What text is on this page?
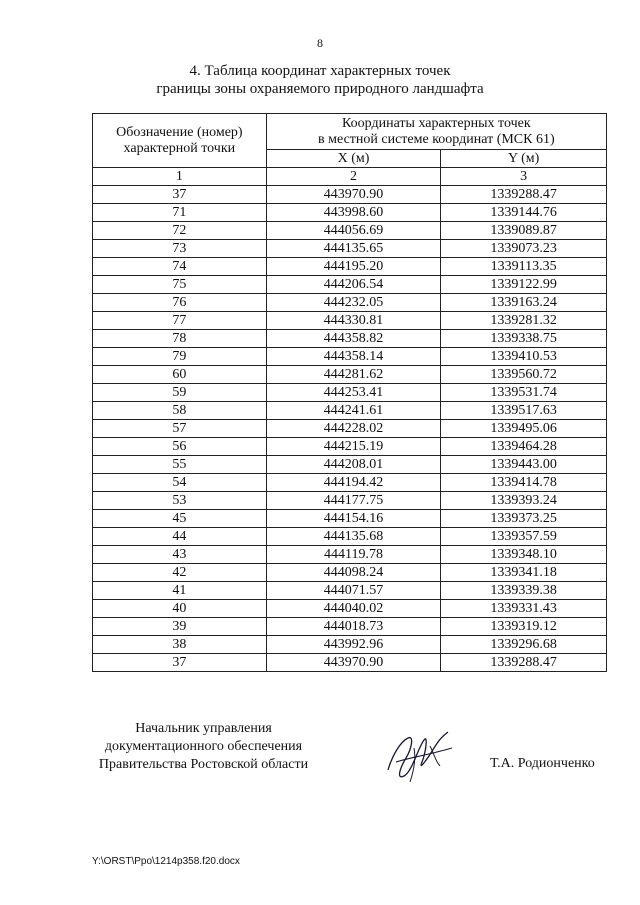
8
4. Таблица координат характерных точек
границы зоны охраняемого природного ландшафта
Обозначение (номер) характерной точки	Координаты характерных точек
в местной системе координат (МСК 61)	

	X (м)	Y (м)
1	2	3
37	443970.90	1339288.47
71	443998.60	1339144.76
72	444056.69	1339089.87
73	444135.65	1339073.23
74	444195.20	1339113.35
75	444206.54	1339122.99
76	444232.05	1339163.24
77	444330.81	1339281.32
78	444358.82	1339338.75
79	444358.14	1339410.53
60	444281.62	1339560.72
59	444253.41	1339531.74
58	444241.61	1339517.63
57	444228.02	1339495.06
56	444215.19	1339464.28
55	444208.01	1339443.00
54	444194.42	1339414.78
53	444177.75	1339393.24
45	444154.16	1339373.25
44	444135.68	1339357.59
43	444119.78	1339348.10
42	444098.24	1339341.18
41	444071.57	1339339.38
40	444040.02	1339331.43
39	444018.73	1339319.12
38	443992.96	1339296.68
37	443970.90	1339288.47
Начальник управления
документационного обеспечения
Правительства Ростовской области	Т.А. Родионченко
Y:\ORST\Ppo\1214p358.f20.docx
